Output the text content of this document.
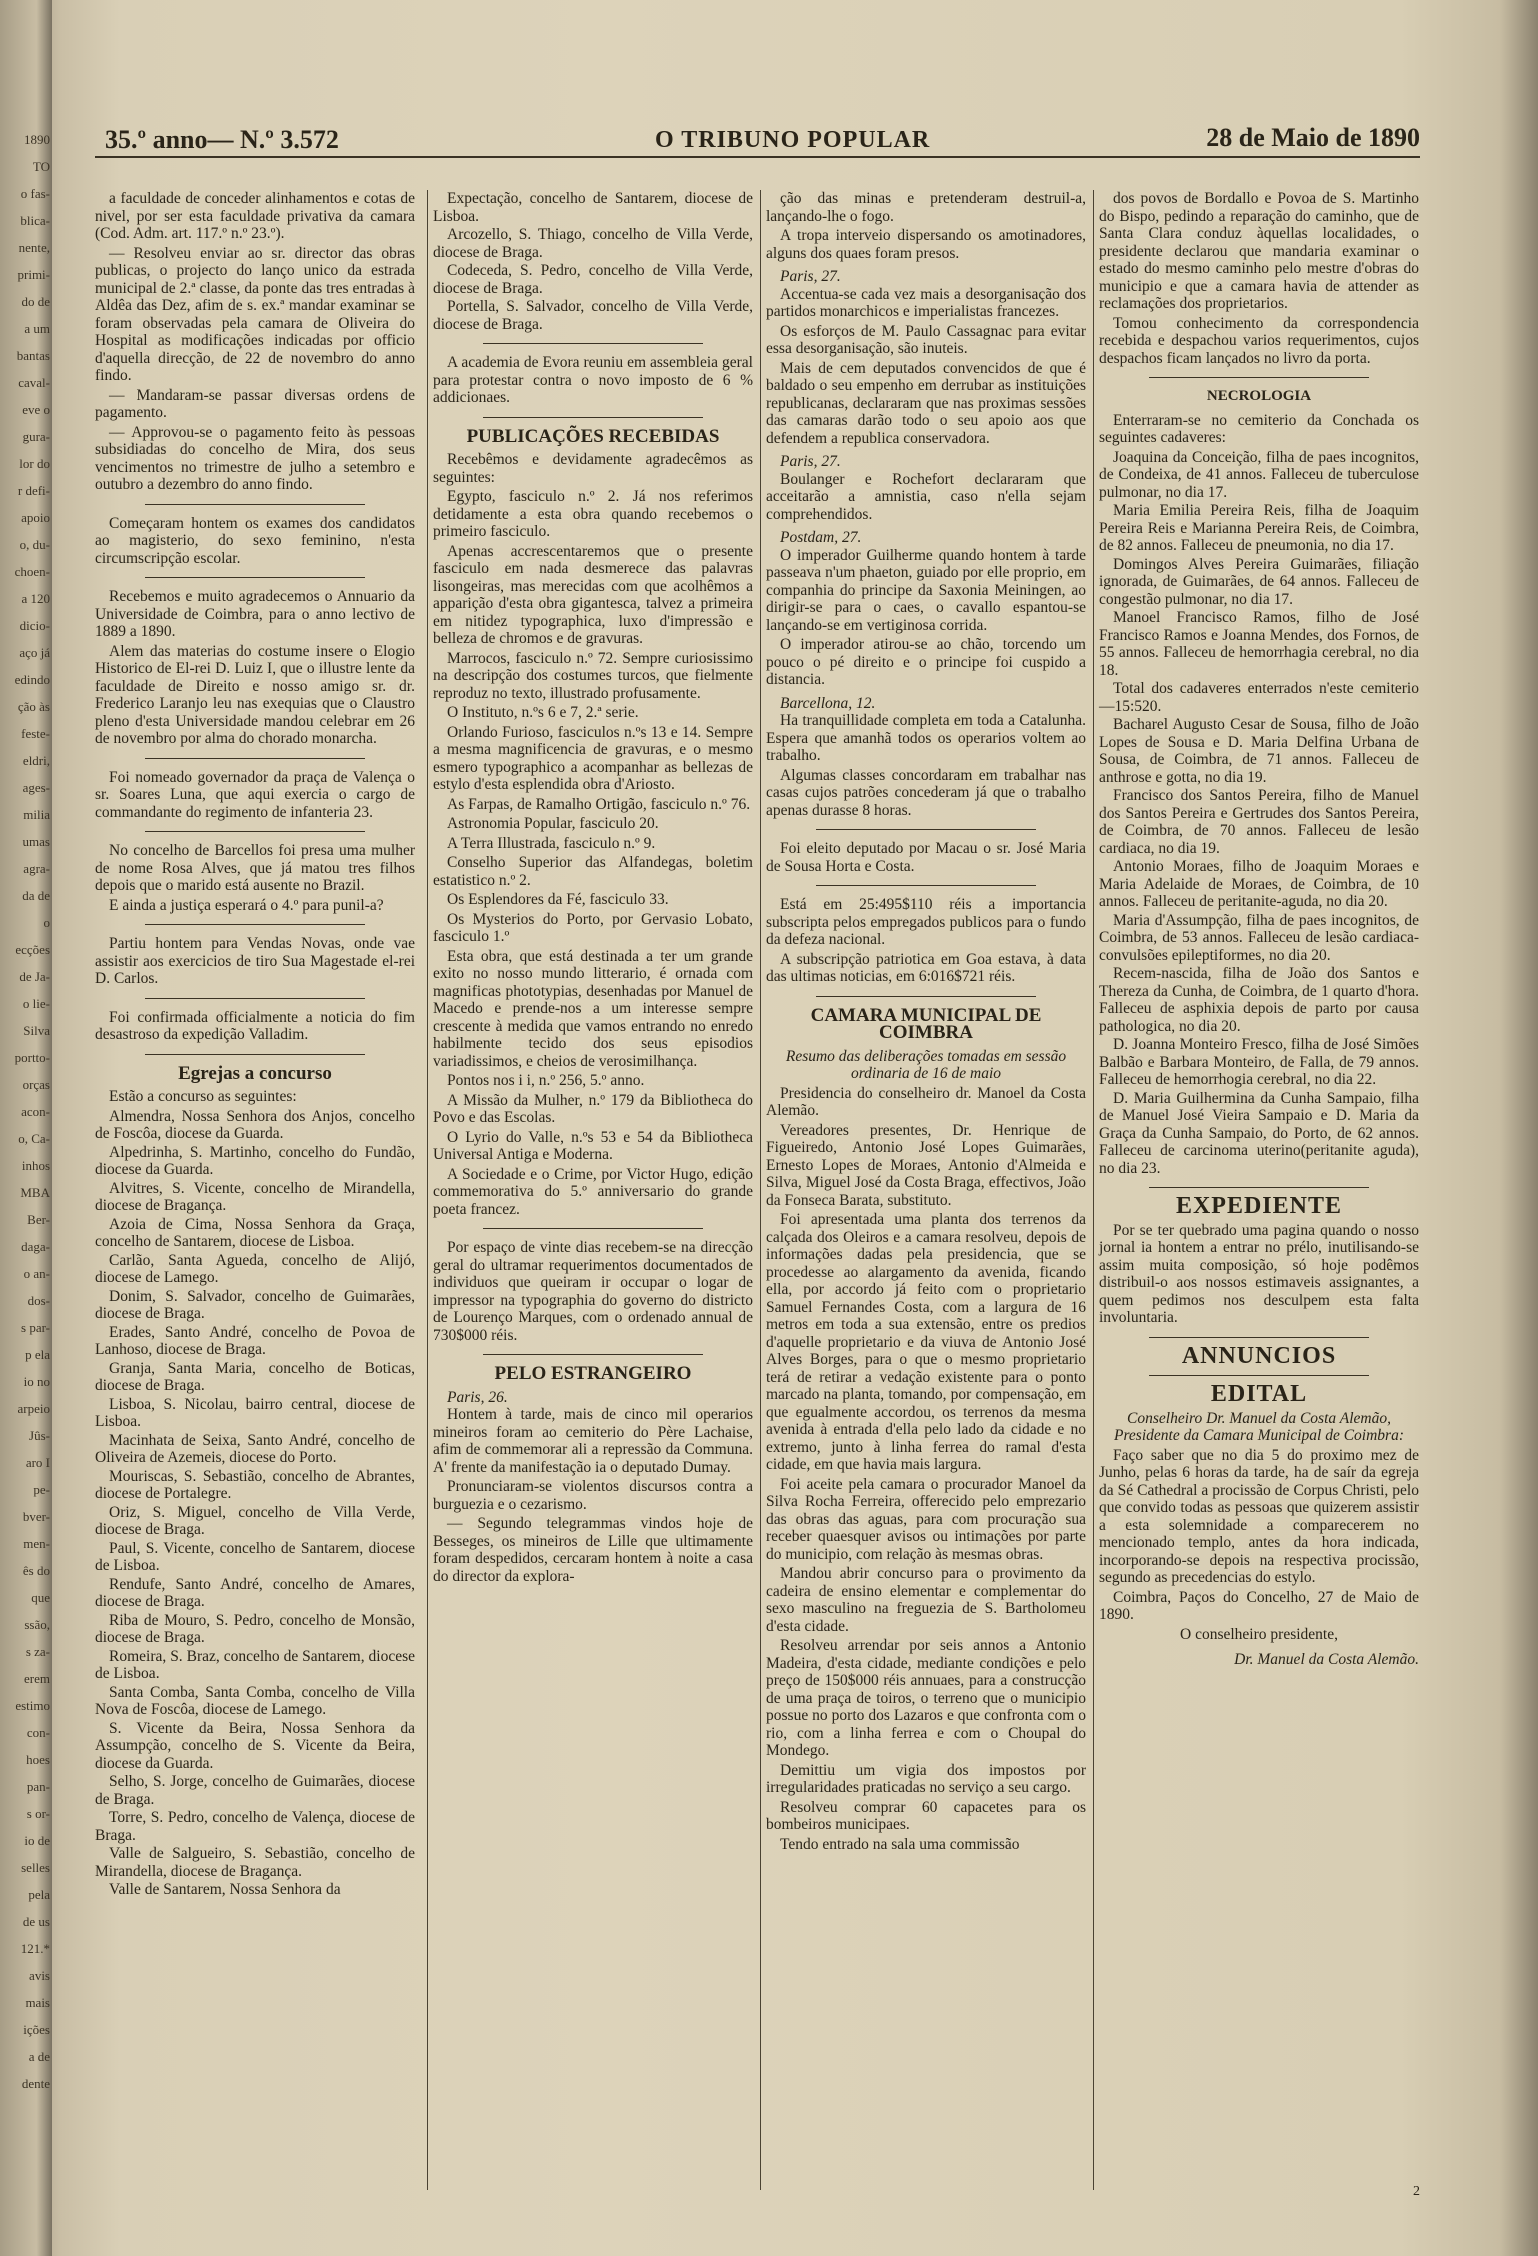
1890
TO
o fas-
blica-
nente,
primi-
do de
a um
bantas
caval-
eve o
gura-
lor do
r defi-
apoio
o, du-
choen-
a 120
dicio-
aço já
edindo
ção às
feste-
eldri,
ages-
milia
umas
agra-
da de
o
ecções
de Ja-
o lie-
Silva
portto-
orças
acon-
o, Ca-
inhos
ΜΒΑ
Ber-
daga-
o an-
dos-
s par-
p ela
io no
arpeio
Jûs-
aro I
pe-
bver-
men-
ês do
que
ssão,
s za-
erem
estimo
con-
hoes
pan-
s or-
io de
selles
pela
de us
121.*
avis
mais
ições
a de
dente
35.º anno— N.º 3.572	O TRIBUNO POPULAR	28 de Maio de 1890

a faculdade de conceder alinhamentos e cotas de nivel, por ser esta faculdade privativa da camara (Cod. Adm. art. 117.º n.º 23.º).

— Resolveu enviar ao sr. director das obras publicas, o projecto do lanço unico da estrada municipal de 2.ª classe, da ponte das tres entradas à Aldêa das Dez, afim de s. ex.ª mandar examinar se foram observadas pela camara de Oliveira do Hospital as modificações indicadas por officio d'aquella direcção, de 22 de novembro do anno findo.

— Mandaram-se passar diversas ordens de pagamento.

— Approvou-se o pagamento feito às pessoas subsidiadas do concelho de Mira, dos seus vencimentos no trimestre de julho a setembro e outubro a dezembro do anno findo.

Começaram hontem os exames dos candidatos ao magisterio, do sexo feminino, n'esta circumscripção escolar.

Recebemos e muito agradecemos o Annuario da Universidade de Coimbra, para o anno lectivo de 1889 a 1890.

Alem das materias do costume insere o Elogio Historico de El-rei D. Luiz I, que o illustre lente da faculdade de Direito e nosso amigo sr. dr. Frederico Laranjo leu nas exequias que o Claustro pleno d'esta Universidade mandou celebrar em 26 de novembro por alma do chorado monarcha.

Foi nomeado governador da praça de Valença o sr. Soares Luna, que aqui exercia o cargo de commandante do regimento de infanteria 23.

No concelho de Barcellos foi presa uma mulher de nome Rosa Alves, que já matou tres filhos depois que o marido está ausente no Brazil.

E ainda a justiça esperará o 4.º para punil-a?

Partiu hontem para Vendas Novas, onde vae assistir aos exercicios de tiro Sua Magestade el-rei D. Carlos.

Foi confirmada officialmente a noticia do fim desastroso da expedição Valladim.

Egrejas a concurso

Estão a concurso as seguintes:

Almendra, Nossa Senhora dos Anjos, concelho de Foscôa, diocese da Guarda.

Alpedrinha, S. Martinho, concelho do Fundão, diocese da Guarda.

Alvitres, S. Vicente, concelho de Mirandella, diocese de Bragança.

Azoia de Cima, Nossa Senhora da Graça, concelho de Santarem, diocese de Lisboa.

Carlão, Santa Agueda, concelho de Alijó, diocese de Lamego.

Donim, S. Salvador, concelho de Guimarães, diocese de Braga.

Erades, Santo André, concelho de Povoa de Lanhoso, diocese de Braga.

Granja, Santa Maria, concelho de Boticas, diocese de Braga.

Lisboa, S. Nicolau, bairro central, diocese de Lisboa.

Macinhata de Seixa, Santo André, concelho de Oliveira de Azemeis, diocese do Porto.

Mouriscas, S. Sebastião, concelho de Abrantes, diocese de Portalegre.

Oriz, S. Miguel, concelho de Villa Verde, diocese de Braga.

Paul, S. Vicente, concelho de Santarem, diocese de Lisboa.

Rendufe, Santo André, concelho de Amares, diocese de Braga.

Riba de Mouro, S. Pedro, concelho de Monsão, diocese de Braga.

Romeira, S. Braz, concelho de Santarem, diocese de Lisboa.

Santa Comba, Santa Comba, concelho de Villa Nova de Foscôa, diocese de Lamego.

S. Vicente da Beira, Nossa Senhora da Assumpção, concelho de S. Vicente da Beira, diocese da Guarda.

Selho, S. Jorge, concelho de Guimarães, diocese de Braga.

Torre, S. Pedro, concelho de Valença, diocese de Braga.

Valle de Salgueiro, S. Sebastião, concelho de Mirandella, diocese de Bragança.

Valle de Santarem, Nossa Senhora da

Expectação, concelho de Santarem, diocese de Lisboa.

Arcozello, S. Thiago, concelho de Villa Verde, diocese de Braga.

Codeceda, S. Pedro, concelho de Villa Verde, diocese de Braga.

Portella, S. Salvador, concelho de Villa Verde, diocese de Braga.

A academia de Evora reuniu em assembleia geral para protestar contra o novo imposto de 6 % addicionaes.

PUBLICAÇÕES RECEBIDAS

Recebêmos e devidamente agradecêmos as seguintes:

Egypto, fasciculo n.º 2. Já nos referimos detidamente a esta obra quando recebemos o primeiro fasciculo.

Apenas accrescentaremos que o presente fasciculo em nada desmerece das palavras lisongeiras, mas merecidas com que acolhêmos a apparição d'esta obra gigantesca, talvez a primeira em nitidez typographica, luxo d'impressão e belleza de chromos e de gravuras.

Marrocos, fasciculo n.º 72. Sempre curiosissimo na descripção dos costumes turcos, que fielmente reproduz no texto, illustrado profusamente.

O Instituto, n.ºs 6 e 7, 2.ª serie.

Orlando Furioso, fasciculos n.ºs 13 e 14. Sempre a mesma magnificencia de gravuras, e o mesmo esmero typographico a acompanhar as bellezas de estylo d'esta esplendida obra d'Ariosto.

As Farpas, de Ramalho Ortigão, fasciculo n.º 76.

Astronomia Popular, fasciculo 20.

A Terra Illustrada, fasciculo n.º 9.

Conselho Superior das Alfandegas, boletim estatistico n.º 2.

Os Esplendores da Fé, fasciculo 33.

Os Mysterios do Porto, por Gervasio Lobato, fasciculo 1.º

Esta obra, que está destinada a ter um grande exito no nosso mundo litterario, é ornada com magnificas phototypias, desenhadas por Manuel de Macedo e prende-nos a um interesse sempre crescente à medida que vamos entrando no enredo habilmente tecido dos seus episodios variadissimos, e cheios de verosimilhança.

Pontos nos i i, n.º 256, 5.º anno.

A Missão da Mulher, n.º 179 da Bibliotheca do Povo e das Escolas.

O Lyrio do Valle, n.ºs 53 e 54 da Bibliotheca Universal Antiga e Moderna.

A Sociedade e o Crime, por Victor Hugo, edição commemorativa do 5.º anniversario do grande poeta francez.

Por espaço de vinte dias recebem-se na direcção geral do ultramar requerimentos documentados de individuos que queiram ir occupar o logar de impressor na typographia do governo do districto de Lourenço Marques, com o ordenado annual de 730$000 réis.

PELO ESTRANGEIRO

Paris, 26.

Hontem à tarde, mais de cinco mil operarios mineiros foram ao cemiterio do Père Lachaise, afim de commemorar ali a repressão da Communa. A' frente da manifestação ia o deputado Dumay.

Pronunciaram-se violentos discursos contra a burguezia e o cezarismo.

— Segundo telegrammas vindos hoje de Besseges, os mineiros de Lille que ultimamente foram despedidos, cercaram hontem à noite a casa do director da explora-

ção das minas e pretenderam destruil-a, lançando-lhe o fogo.

A tropa interveio dispersando os amotinadores, alguns dos quaes foram presos.

Paris, 27.

Accentua-se cada vez mais a desorganisação dos partidos monarchicos e imperialistas francezes.

Os esforços de M. Paulo Cassagnac para evitar essa desorganisação, são inuteis.

Mais de cem deputados convencidos de que é baldado o seu empenho em derrubar as instituições republicanas, declararam que nas proximas sessões das camaras darão todo o seu apoio aos que defendem a republica conservadora.

Paris, 27.

Boulanger e Rochefort declararam que acceitarão a amnistia, caso n'ella sejam comprehendidos.

Postdam, 27.

O imperador Guilherme quando hontem à tarde passeava n'um phaeton, guiado por elle proprio, em companhia do principe da Saxonia Meiningen, ao dirigir-se para o caes, o cavallo espantou-se lançando-se em vertiginosa corrida.

O imperador atirou-se ao chão, torcendo um pouco o pé direito e o principe foi cuspido a distancia.

Barcellona, 12.

Ha tranquillidade completa em toda a Catalunha. Espera que amanhã todos os operarios voltem ao trabalho.

Algumas classes concordaram em trabalhar nas casas cujos patrões concederam já que o trabalho apenas durasse 8 horas.

Foi eleito deputado por Macau o sr. José Maria de Sousa Horta e Costa.

Está em 25:495$110 réis a importancia subscripta pelos empregados publicos para o fundo da defeza nacional.

A subscripção patriotica em Goa estava, à data das ultimas noticias, em 6:016$721 réis.

CAMARA MUNICIPAL DE COIMBRA

Resumo das deliberações tomadas em sessão ordinaria de 16 de maio

Presidencia do conselheiro dr. Manoel da Costa Alemão.

Vereadores presentes, Dr. Henrique de Figueiredo, Antonio José Lopes Guimarães, Ernesto Lopes de Moraes, Antonio d'Almeida e Silva, Miguel José da Costa Braga, effectivos, João da Fonseca Barata, substituto.

Foi apresentada uma planta dos terrenos da calçada dos Oleiros e a camara resolveu, depois de informações dadas pela presidencia, que se procedesse ao alargamento da avenida, ficando ella, por accordo já feito com o proprietario Samuel Fernandes Costa, com a largura de 16 metros em toda a sua extensão, entre os predios d'aquelle proprietario e da viuva de Antonio José Alves Borges, para o que o mesmo proprietario terá de retirar a vedação existente para o ponto marcado na planta, tomando, por compensação, em que egualmente accordou, os terrenos da mesma avenida à entrada d'ella pelo lado da cidade e no extremo, junto à linha ferrea do ramal d'esta cidade, em que havia mais largura.

Foi aceite pela camara o procurador Manoel da Silva Rocha Ferreira, offerecido pelo emprezario das obras das aguas, para com procuração sua receber quaesquer avisos ou intimações por parte do municipio, com relação às mesmas obras.

Mandou abrir concurso para o provimento da cadeira de ensino elementar e complementar do sexo masculino na freguezia de S. Bartholomeu d'esta cidade.

Resolveu arrendar por seis annos a Antonio Madeira, d'esta cidade, mediante condições e pelo preço de 150$000 réis annuaes, para a construcção de uma praça de toiros, o terreno que o municipio possue no porto dos Lazaros e que confronta com o rio, com a linha ferrea e com o Choupal do Mondego.

Demittiu um vigia dos impostos por irregularidades praticadas no serviço a seu cargo.

Resolveu comprar 60 capacetes para os bombeiros municipaes.

Tendo entrado na sala uma commissão

dos povos de Bordallo e Povoa de S. Martinho do Bispo, pedindo a reparação do caminho, que de Santa Clara conduz àquellas localidades, o presidente declarou que mandaria examinar o estado do mesmo caminho pelo mestre d'obras do municipio e que a camara havia de attender as reclamações dos proprietarios.

Tomou conhecimento da correspondencia recebida e despachou varios requerimentos, cujos despachos ficam lançados no livro da porta.

NECROLOGIA

Enterraram-se no cemiterio da Conchada os seguintes cadaveres:

Joaquina da Conceição, filha de paes incognitos, de Condeixa, de 41 annos. Falleceu de tuberculose pulmonar, no dia 17.

Maria Emilia Pereira Reis, filha de Joaquim Pereira Reis e Marianna Pereira Reis, de Coimbra, de 82 annos. Falleceu de pneumonia, no dia 17.

Domingos Alves Pereira Guimarães, filiação ignorada, de Guimarães, de 64 annos. Falleceu de congestão pulmonar, no dia 17.

Manoel Francisco Ramos, filho de José Francisco Ramos e Joanna Mendes, dos Fornos, de 55 annos. Falleceu de hemorrhagia cerebral, no dia 18.

Total dos cadaveres enterrados n'este cemiterio—15:520.

Bacharel Augusto Cesar de Sousa, filho de João Lopes de Sousa e D. Maria Delfina Urbana de Sousa, de Coimbra, de 71 annos. Falleceu de anthrose e gotta, no dia 19.

Francisco dos Santos Pereira, filho de Manuel dos Santos Pereira e Gertrudes dos Santos Pereira, de Coimbra, de 70 annos. Falleceu de lesão cardiaca, no dia 19.

Antonio Moraes, filho de Joaquim Moraes e Maria Adelaide de Moraes, de Coimbra, de 10 annos. Falleceu de peritanite-aguda, no dia 20.

Maria d'Assumpção, filha de paes incognitos, de Coimbra, de 53 annos. Falleceu de lesão cardiaca-convulsões epileptiformes, no dia 20.

Recem-nascida, filha de João dos Santos e Thereza da Cunha, de Coimbra, de 1 quarto d'hora. Falleceu de asphixia depois de parto por causa pathologica, no dia 20.

D. Joanna Monteiro Fresco, filha de José Simões Balbão e Barbara Monteiro, de Falla, de 79 annos. Falleceu de hemorrhogia cerebral, no dia 22.

D. Maria Guilhermina da Cunha Sampaio, filha de Manuel José Vieira Sampaio e D. Maria da Graça da Cunha Sampaio, do Porto, de 62 annos. Falleceu de carcinoma uterino(peritanite aguda), no dia 23.

EXPEDIENTE

Por se ter quebrado uma pagina quando o nosso jornal ia hontem a entrar no prélo, inutilisando-se assim muita composição, só hoje podêmos distribuil-o aos nossos estimaveis assignantes, a quem pedimos nos desculpem esta falta involuntaria.

ANNUNCIOS
EDITAL

Conselheiro Dr. Manuel da Costa Alemão, Presidente da Camara Municipal de Coimbra:

Faço saber que no dia 5 do proximo mez de Junho, pelas 6 horas da tarde, ha de saír da egreja da Sé Cathedral a procissão de Corpus Christi, pelo que convido todas as pessoas que quizerem assistir a esta solemnidade a comparecerem no mencionado templo, antes da hora indicada, incorporando-se depois na respectiva procissão, segundo as precedencias do estylo.

Coimbra, Paços do Concelho, 27 de Maio de 1890.

O conselheiro presidente,

Dr. Manuel da Costa Alemão.
2
